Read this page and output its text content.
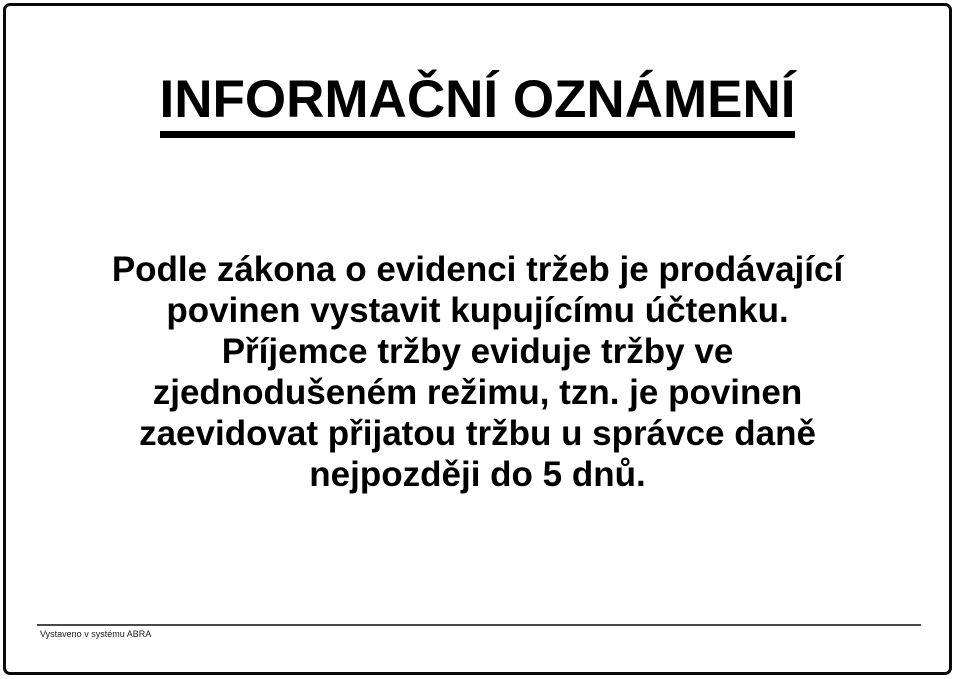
INFORMAČNÍ OZNÁMENÍ
Podle zákona o evidenci tržeb je prodávající
povinen vystavit kupujícímu účtenku.
Příjemce tržby eviduje tržby ve
zjednodušeném režimu, tzn. je povinen
zaevidovat přijatou tržbu u správce daně
nejpozději do 5 dnů.
Vystaveno v systému ABRA
